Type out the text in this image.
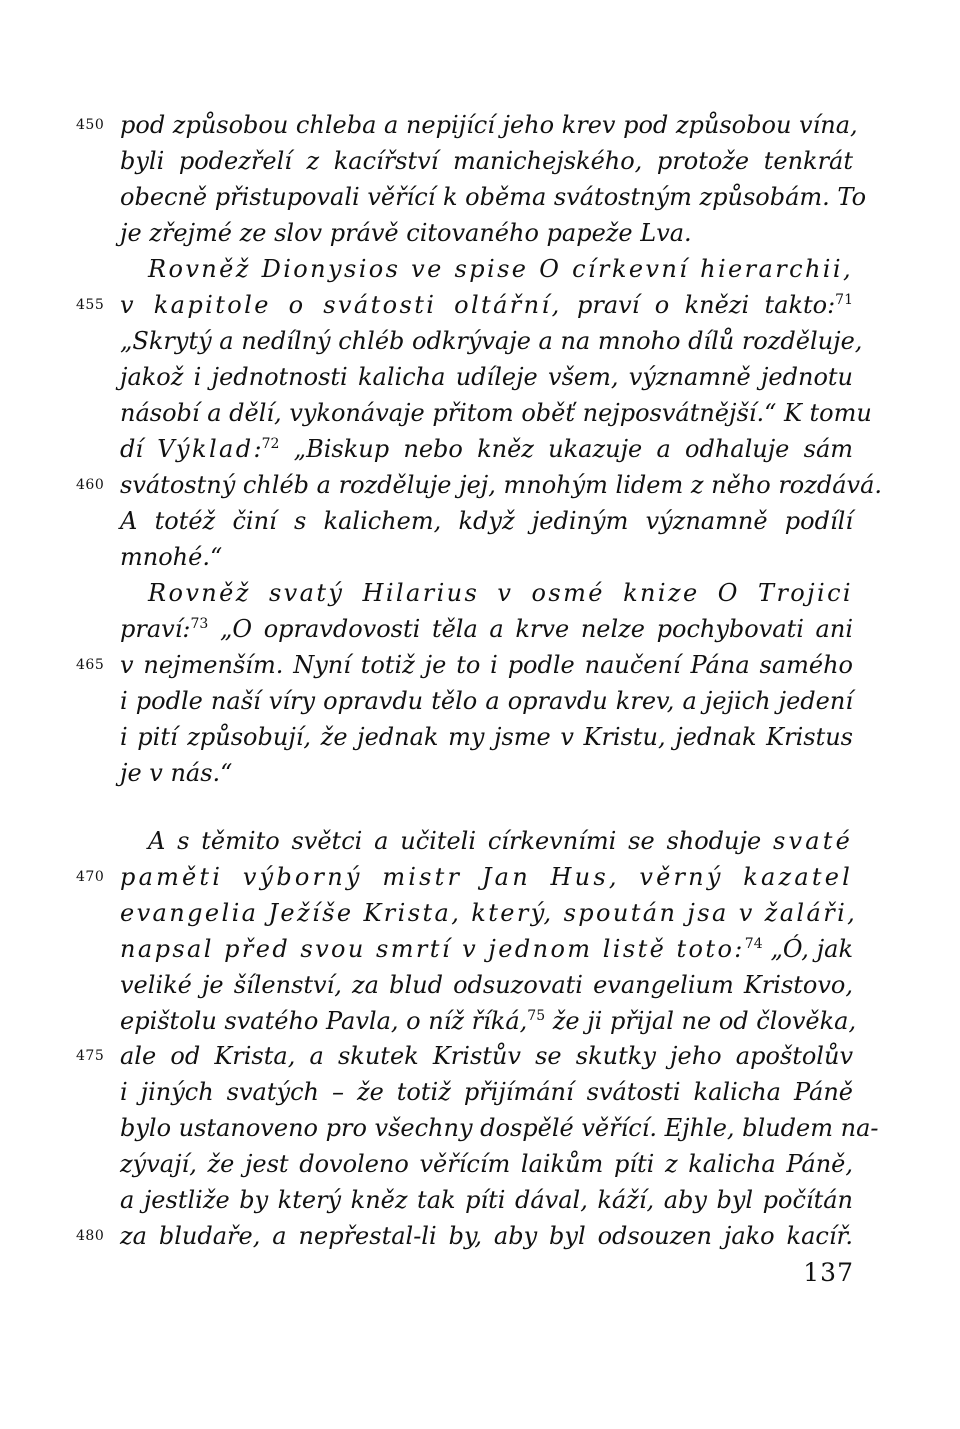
450
455
460
465
470
475
480
pod způsobou chleba a nepijící jeho krev pod způsobou vína,
byli podezřelí z kacířství manichejského, protože tenkrát
obecně přistupovali věřící k oběma svátostným způsobám. To
je zřejmé ze slov právě citovaného papeže Lva.
Rovněž Dionysios ve spise O církevní hierarchii,
v kapitole o svátosti oltářní, praví o knězi takto:$^{71}$
„Skrytý a nedílný chléb odkrývaje a na mnoho dílů rozděluje,
jakož i jednotnosti kalicha udíleje všem, významně jednotu
násobí a dělí, vykonávaje přitom oběť nejposvátnější.“ K tomu
dí Výklad:$^{72}$ „Biskup nebo kněz ukazuje a odhaluje sám
svátostný chléb a rozděluje jej, mnohým lidem z něho rozdává.
A totéž činí s kalichem, když jediným významně podílí
mnohé.“
Rovněž svatý Hilarius v osmé knize O Trojici
praví:$^{73}$ „O opravdovosti těla a krve nelze pochybovati ani
v nejmenším. Nyní totiž je to i podle naučení Pána samého
i podle naší víry opravdu tělo a opravdu krev, a jejich jedení
i pití způsobují, že jednak my jsme v Kristu, jednak Kristus
je v nás.“
A s těmito světci a učiteli církevními se shoduje svaté
paměti výborný mistr Jan Hus, věrný kazatel
evangelia Ježíše Krista, který, spoután jsa v žaláři,
napsal před svou smrtí v jednom listě toto:$^{74}$ „Ó, jak
veliké je šílenství, za blud odsuzovati evangelium Kristovo,
epištolu svatého Pavla, o níž říká,$^{75}$ že ji přijal ne od člověka,
ale od Krista, a skutek Kristův se skutky jeho apoštolův
i jiných svatých – že totiž přijímání svátosti kalicha Páně
bylo ustanoveno pro všechny dospělé věřící. Ejhle, bludem na-
zývají, že jest dovoleno věřícím laikům píti z kalicha Páně,
a jestliže by který kněz tak píti dával, káží, aby byl počítán
za bludaře, a nepřestal-li by, aby byl odsouzen jako kacíř.
137
